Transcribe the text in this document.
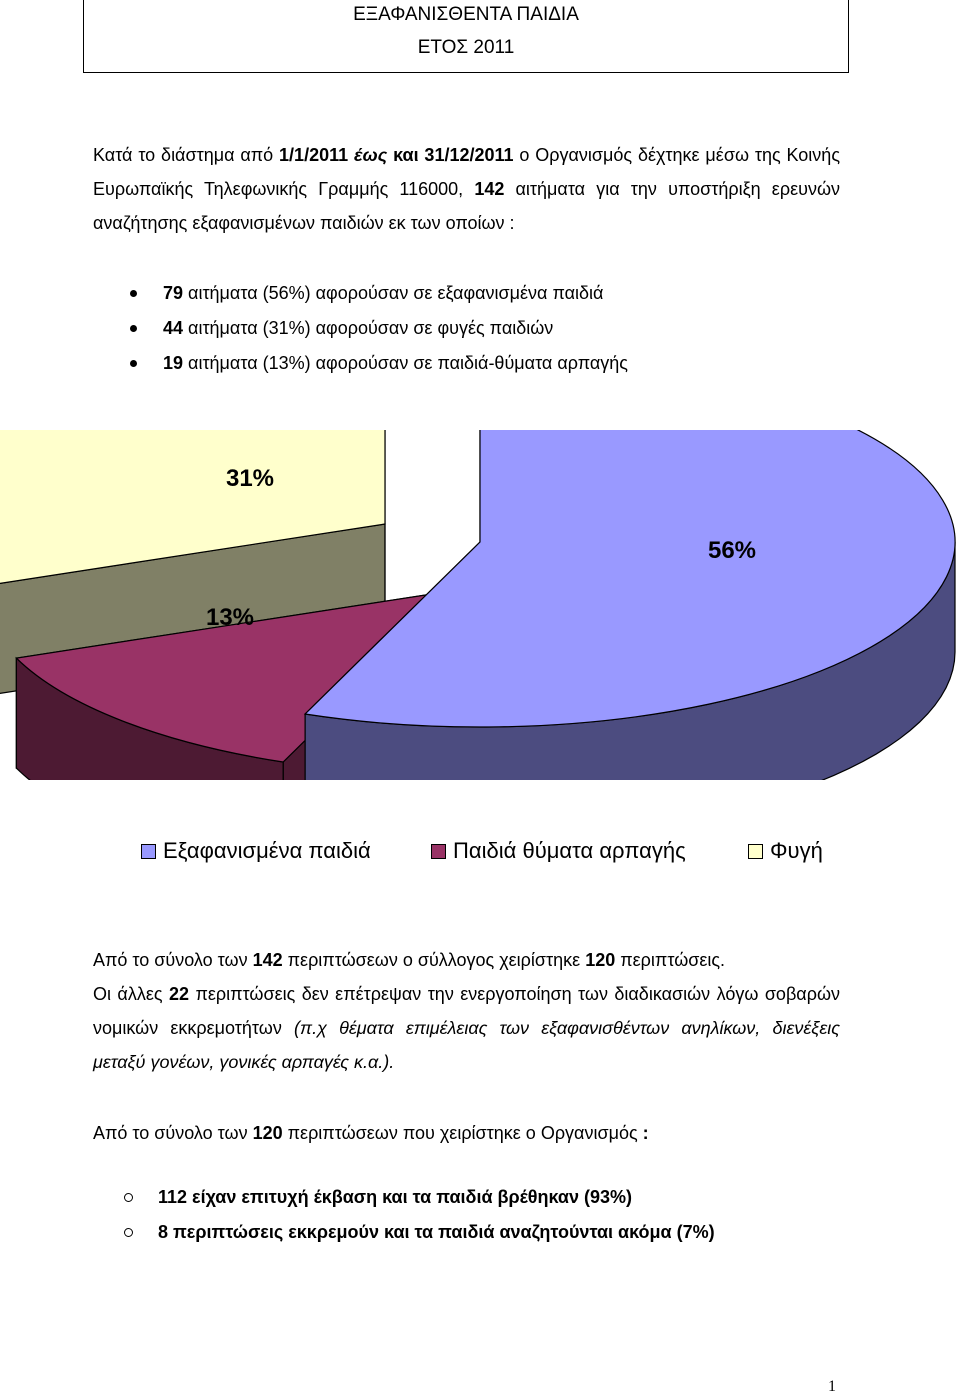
ΕΞΑΦΑΝΙΣΘΕΝΤΑ ΠΑΙΔΙΑ
ΕΤΟΣ 2011
Κατά το διάστημα από 1/1/2011 έως και 31/12/2011 ο Οργανισμός δέχτηκε μέσω της Κοινής Ευρωπαϊκής Τηλεφωνικής Γραμμής 116000, 142 αιτήματα για την υποστήριξη ερευνών αναζήτησης εξαφανισμένων παιδιών εκ των οποίων :
79 αιτήματα (56%) αφορούσαν σε εξαφανισμένα παιδιά
44 αιτήματα (31%) αφορούσαν σε φυγές παιδιών
19 αιτήματα (13%) αφορούσαν σε παιδιά-θύματα αρπαγής
56%
13%
31%
Εξαφανισμένα παιδιά	Παιδιά θύματα αρπαγής	Φυγή
Από το σύνολο των 142 περιπτώσεων ο σύλλογος χειρίστηκε 120 περιπτώσεις.
Οι άλλες 22 περιπτώσεις δεν επέτρεψαν την ενεργοποίηση των διαδικασιών λόγω σοβαρών νομικών εκκρεμοτήτων (π.χ θέματα επιμέλειας των εξαφανισθέντων ανηλίκων, διενέξεις μεταξύ γονέων, γονικές αρπαγές κ.α.).
Από το σύνολο των 120 περιπτώσεων που χειρίστηκε ο Οργανισμός :
112 είχαν επιτυχή έκβαση και τα παιδιά βρέθηκαν (93%)
8 περιπτώσεις εκκρεμούν και τα παιδιά αναζητούνται ακόμα (7%)
1
